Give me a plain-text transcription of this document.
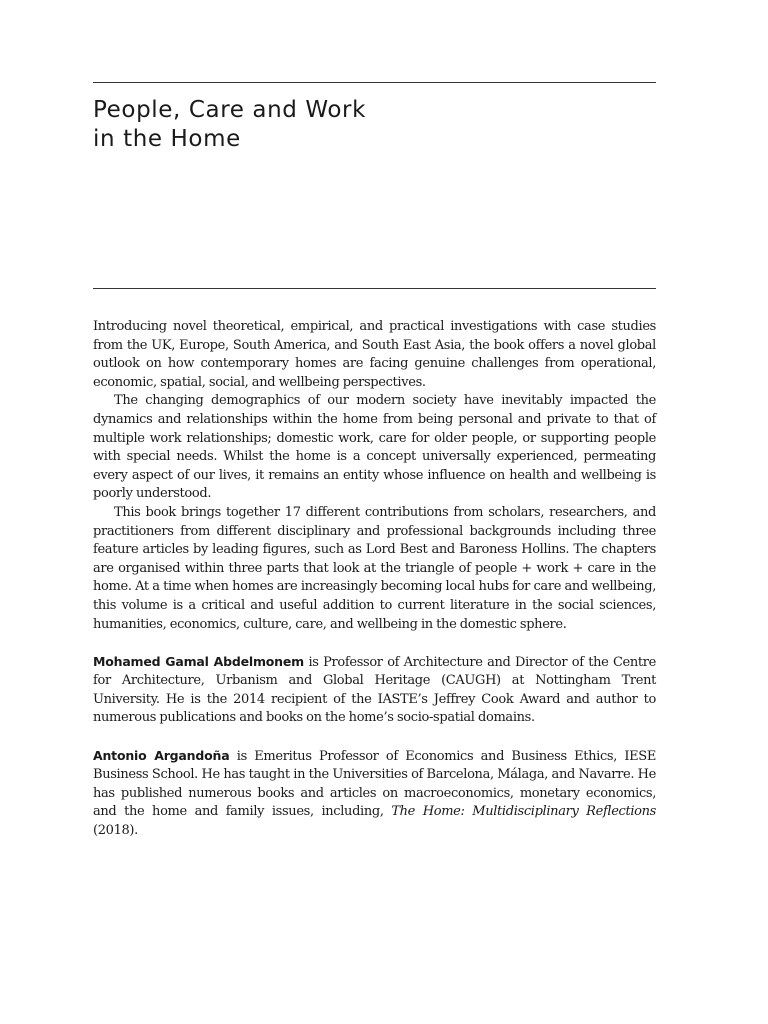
People, Care and Work
in the Home

Introducing novel theoretical, empirical, and practical investigations with case studies from the UK, Europe, South America, and South East Asia, the book offers a novel global outlook on how contemporary homes are facing genuine challenges from operational, economic, spatial, social, and wellbeing perspectives.

The changing demographics of our modern society have inevitably impacted the dynamics and relationships within the home from being personal and private to that of multiple work relationships; domestic work, care for older people, or supporting people with special needs. Whilst the home is a concept universally experienced, permeating every aspect of our lives, it remains an entity whose influence on health and wellbeing is poorly understood.

This book brings together 17 different contributions from scholars, researchers, and practitioners from different disciplinary and professional backgrounds including three feature articles by leading figures, such as Lord Best and Baroness Hollins. The chapters are organised within three parts that look at the triangle of people + work + care in the home. At a time when homes are increasingly becoming local hubs for care and wellbeing, this volume is a critical and useful addition to current literature in the social sciences, humanities, economics, culture, care, and wellbeing in the domestic sphere.

Mohamed Gamal Abdelmonem is Professor of Architecture and Director of the Centre for Architecture, Urbanism and Global Heritage (CAUGH) at Nottingham Trent University. He is the 2014 recipient of the IASTE’s Jeffrey Cook Award and author to numerous publications and books on the home’s socio-spatial domains.

Antonio Argandoña is Emeritus Professor of Economics and Business Ethics, IESE Business School. He has taught in the Universities of Barcelona, Málaga, and Navarre. He has published numerous books and articles on macroeconomics, monetary economics, and the home and family issues, including, The Home: Multidisciplinary Reflections (2018).
